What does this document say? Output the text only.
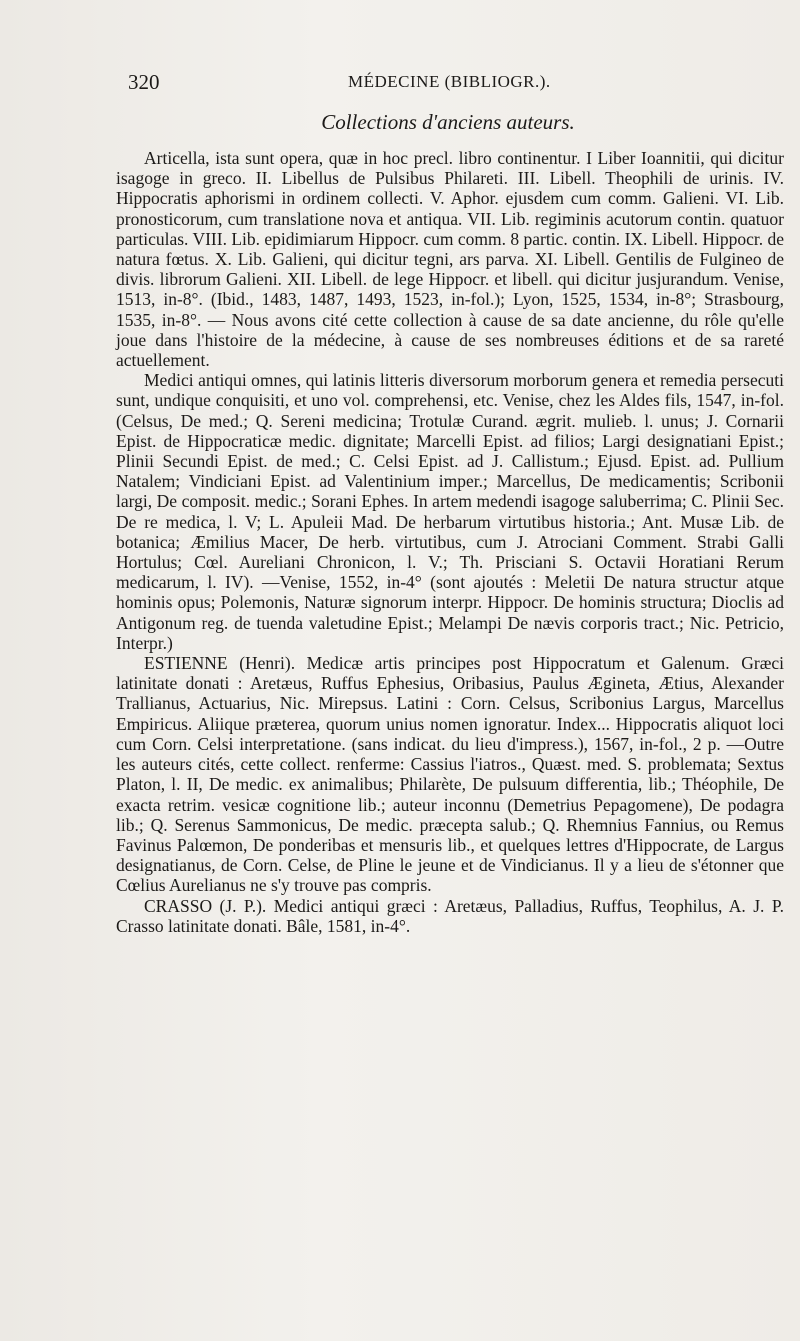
320	MÉDECINE (BIBLIOGR.).
Collections d'anciens auteurs.

Articella, ista sunt opera, quæ in hoc precl. libro continentur. I Liber Ioannitii, qui dicitur isagoge in greco. II. Libellus de Pulsibus Philareti. III. Libell. Theophili de urinis. IV. Hippocratis aphorismi in ordinem collecti. V. Aphor. ejusdem cum comm. Galieni. VI. Lib. pronosticorum, cum translatione nova et antiqua. VII. Lib. regiminis acutorum contin. quatuor particulas. VIII. Lib. epidimiarum Hippocr. cum comm. 8 partic. contin. IX. Libell. Hippocr. de natura fœtus. X. Lib. Galieni, qui dicitur tegni, ars parva. XI. Libell. Gentilis de Fulgineo de divis. librorum Galieni. XII. Libell. de lege Hippocr. et libell. qui dicitur jusjurandum. Venise, 1513, in-8°. (Ibid., 1483, 1487, 1493, 1523, in-fol.); Lyon, 1525, 1534, in-8°; Strasbourg, 1535, in-8°. — Nous avons cité cette collection à cause de sa date ancienne, du rôle qu'elle joue dans l'histoire de la médecine, à cause de ses nombreuses éditions et de sa rareté actuellement.

Medici antiqui omnes, qui latinis litteris diversorum morborum genera et remedia persecuti sunt, undique conquisiti, et uno vol. comprehensi, etc. Venise, chez les Aldes fils, 1547, in-fol. (Celsus, De med.; Q. Sereni medicina; Trotulæ Curand. ægrit. mulieb. l. unus; J. Cornarii Epist. de Hippocraticæ medic. dignitate; Marcelli Epist. ad filios; Largi designatiani Epist.; Plinii Secundi Epist. de med.; C. Celsi Epist. ad J. Callistum.; Ejusd. Epist. ad. Pullium Natalem; Vindiciani Epist. ad Valentinium imper.; Marcellus, De medicamentis; Scribonii largi, De composit. medic.; Sorani Ephes. In artem medendi isagoge saluberrima; C. Plinii Sec. De re medica, l. V; L. Apuleii Mad. De herbarum virtutibus historia.; Ant. Musæ Lib. de botanica; Æmilius Macer, De herb. virtutibus, cum J. Atrociani Comment. Strabi Galli Hortulus; Cœl. Aureliani Chronicon, l. V.; Th. Prisciani S. Octavii Horatiani Rerum medicarum, l. IV). —Venise, 1552, in-4° (sont ajoutés : Meletii De natura structur atque hominis opus; Polemonis, Naturæ signorum interpr. Hippocr. De hominis structura; Dioclis ad Antigonum reg. de tuenda valetudine Epist.; Melampi De nævis corporis tract.; Nic. Petricio, Interpr.)

ESTIENNE (Henri). Medicæ artis principes post Hippocratum et Galenum. Græci latinitate donati : Aretæus, Ruffus Ephesius, Oribasius, Paulus Ægineta, Ætius, Alexander Trallianus, Actuarius, Nic. Mirepsus. Latini : Corn. Celsus, Scribonius Largus, Marcellus Empiricus. Aliique præterea, quorum unius nomen ignoratur. Index... Hippocratis aliquot loci cum Corn. Celsi interpretatione. (sans indicat. du lieu d'impress.), 1567, in-fol., 2 p. —Outre les auteurs cités, cette collect. renferme: Cassius l'iatros., Quæst. med. S. problemata; Sextus Platon, l. II, De medic. ex animalibus; Philarète, De pulsuum differentia, lib.; Théophile, De exacta retrim. vesicæ cognitione lib.; auteur inconnu (Demetrius Pepagomene), De podagra lib.; Q. Serenus Sammonicus, De medic. præcepta salub.; Q. Rhemnius Fannius, ou Remus Favinus Palœmon, De ponderibas et mensuris lib., et quelques lettres d'Hippocrate, de Largus designatianus, de Corn. Celse, de Pline le jeune et de Vindicianus. Il y a lieu de s'étonner que Cœlius Aurelianus ne s'y trouve pas compris.

CRASSO (J. P.). Medici antiqui græci : Aretæus, Palladius, Ruffus, Teophilus, A. J. P. Crasso latinitate donati. Bâle, 1581, in-4°.
